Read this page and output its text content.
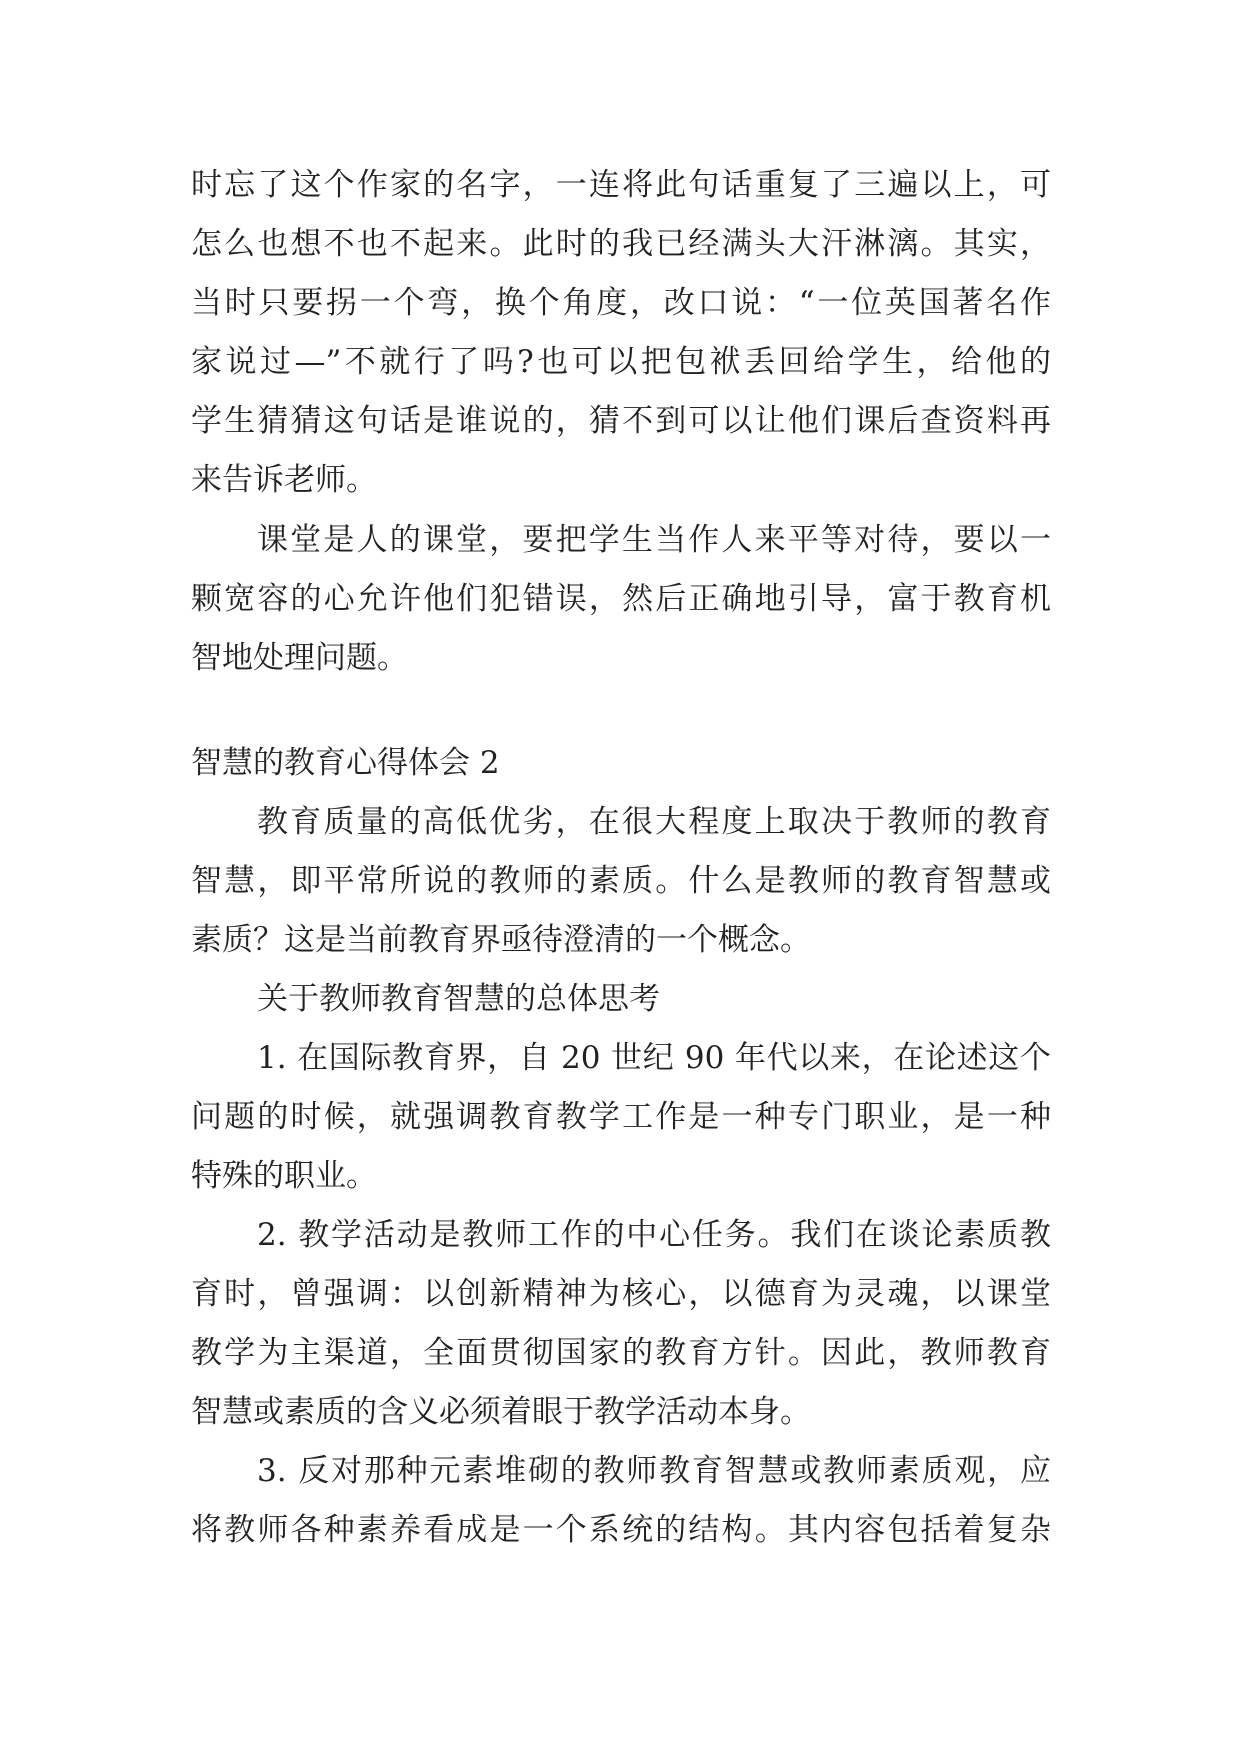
时忘了这个作家的名字，一连将此句话重复了三遍以上，可

怎么也想不也不起来。此时的我已经满头大汗淋漓。其实，

当时只要拐一个弯，换个角度，改口说：“一位英国著名作

家说过—”不就行了吗?也可以把包袱丢回给学生，给他的

学生猜猜这句话是谁说的，猜不到可以让他们课后查资料再

来告诉老师。

课堂是人的课堂，要把学生当作人来平等对待，要以一

颗宽容的心允许他们犯错误，然后正确地引导，富于教育机

智地处理问题。

智慧的教育心得体会 2

教育质量的高低优劣，在很大程度上取决于教师的教育

智慧，即平常所说的教师的素质。什么是教师的教育智慧或

素质？这是当前教育界亟待澄清的一个概念。

关于教师教育智慧的总体思考

1. 在国际教育界，自 20 世纪 90 年代以来，在论述这个

问题的时候，就强调教育教学工作是一种专门职业，是一种

特殊的职业。

2. 教学活动是教师工作的中心任务。我们在谈论素质教

育时，曾强调：以创新精神为核心，以德育为灵魂，以课堂

教学为主渠道，全面贯彻国家的教育方针。因此，教师教育

智慧或素质的含义必须着眼于教学活动本身。

3. 反对那种元素堆砌的教师教育智慧或教师素质观，应

将教师各种素养看成是一个系统的结构。其内容包括着复杂
